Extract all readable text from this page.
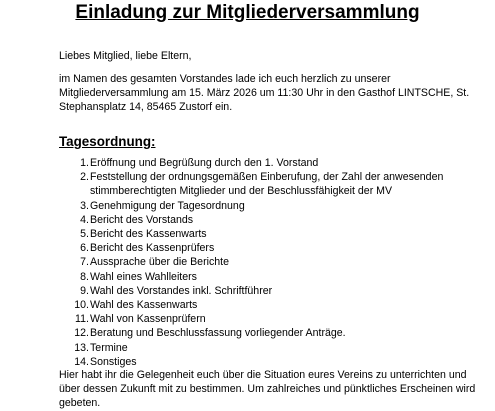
Einladung zur Mitgliederversammlung

Liebes Mitglied, liebe Eltern,

im Namen des gesamten Vorstandes lade ich euch herzlich zu unserer Mitgliederversammlung am 15. März 2026 um 11:30 Uhr in den Gasthof LINTSCHE, St. Stephansplatz 14, 85465 Zustorf ein.

Tagesordnung:
1. Eröffnung und Begrüßung durch den 1. Vorstand
2. Feststellung der ordnungsgemäßen Einberufung, der Zahl der anwesenden stimmberechtigten Mitglieder und der Beschlussfähigkeit der MV
3. Genehmigung der Tagesordnung
4. Bericht des Vorstands
5. Bericht des Kassenwarts
6. Bericht des Kassenprüfers
7. Aussprache über die Berichte
8. Wahl eines Wahlleiters
9. Wahl des Vorstandes inkl. Schriftführer
10. Wahl des Kassenwarts
11. Wahl von Kassenprüfern
12. Beratung und Beschlussfassung vorliegender Anträge.
13. Termine
14. Sonstiges

Hier habt ihr die Gelegenheit euch über die Situation eures Vereins zu unterrichten und über dessen Zukunft mit zu bestimmen. Um zahlreiches und pünktliches Erscheinen wird gebeten.
